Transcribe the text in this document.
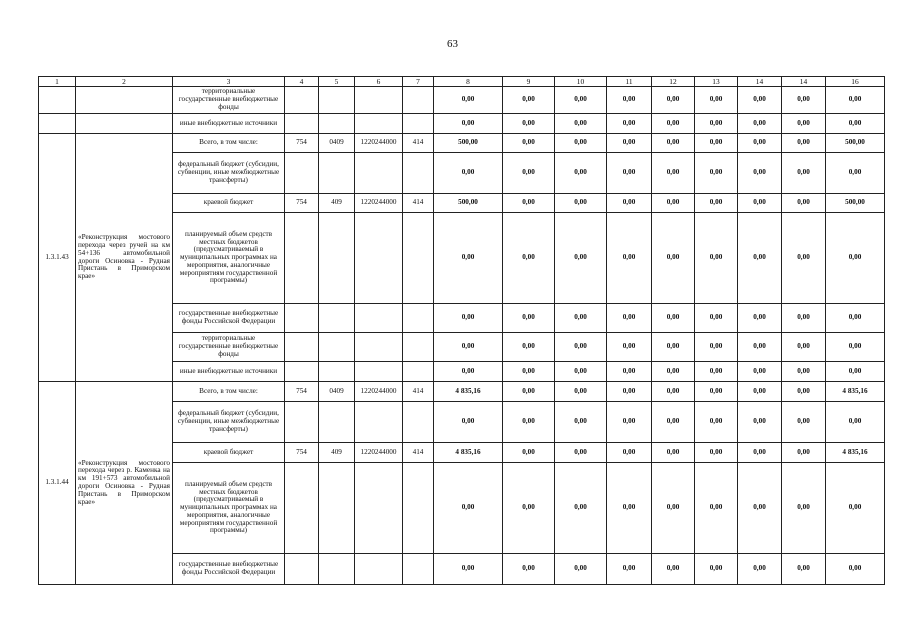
63
1	2	3	4	5	6	7	8	9	10	11	12	13	14	14	16
		территориальные государственные внебюджетные фонды					0,00	0,00	0,00	0,00	0,00	0,00	0,00	0,00	0,00
		иные внебюджетные источники					0,00	0,00	0,00	0,00	0,00	0,00	0,00	0,00	0,00
1.3.1.43	«Реконструкция мостового перехода через ручей на км 54+136 автомобильной дороги Осиновка - Рудная Пристань в Приморском крае»	Всего, в том числе:	754	0409	1220244000	414	500,00	0,00	0,00	0,00	0,00	0,00	0,00	0,00	500,00
		федеральный бюджет (субсидии, субвенции, иные межбюджетные трансферты)					0,00	0,00	0,00	0,00	0,00	0,00	0,00	0,00	0,00
		краевой бюджет	754	409	1220244000	414	500,00	0,00	0,00	0,00	0,00	0,00	0,00	0,00	500,00
		планируемый объем средств местных бюджетов (предусматриваемый в муниципальных программах на мероприятия, аналогичные мероприятиям государственной программы)					0,00	0,00	0,00	0,00	0,00	0,00	0,00	0,00	0,00
		государственные внебюджетные фонды Российской Федерации					0,00	0,00	0,00	0,00	0,00	0,00	0,00	0,00	0,00
		территориальные государственные внебюджетные фонды					0,00	0,00	0,00	0,00	0,00	0,00	0,00	0,00	0,00
		иные внебюджетные источники					0,00	0,00	0,00	0,00	0,00	0,00	0,00	0,00	0,00
1.3.1.44	«Реконструкция мостового перехода через р. Каменка на км 191+573 автомобильной дороги Осиновка - Рудная Пристань в Приморском крае»	Всего, в том числе:	754	0409	1220244000	414	4 835,16	0,00	0,00	0,00	0,00	0,00	0,00	0,00	4 835,16
		федеральный бюджет (субсидии, субвенции, иные межбюджетные трансферты)					0,00	0,00	0,00	0,00	0,00	0,00	0,00	0,00	0,00
		краевой бюджет	754	409	1220244000	414	4 835,16	0,00	0,00	0,00	0,00	0,00	0,00	0,00	4 835,16
		планируемый объем средств местных бюджетов (предусматриваемый в муниципальных программах на мероприятия, аналогичные мероприятиям государственной программы)					0,00	0,00	0,00	0,00	0,00	0,00	0,00	0,00	0,00
		государственные внебюджетные фонды Российской Федерации					0,00	0,00	0,00	0,00	0,00	0,00	0,00	0,00	0,00
